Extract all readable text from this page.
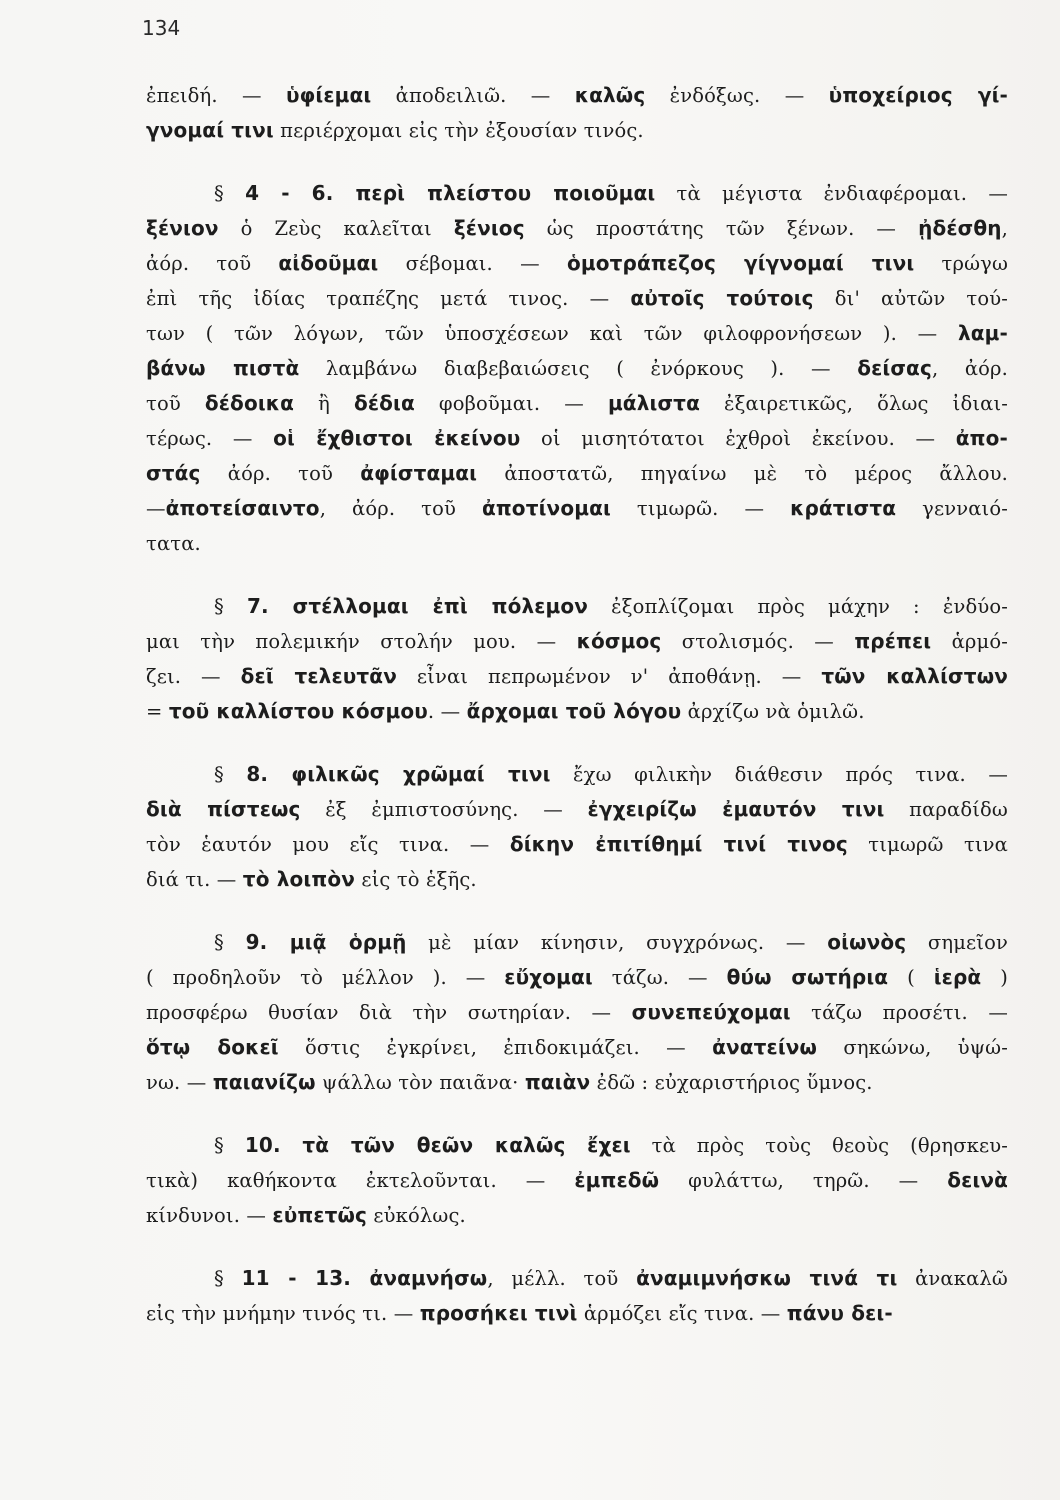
134
ἐπειδή. — ὑφίεμαι ἀποδειλιῶ. — καλῶς ἐνδόξως. — ὑποχείριος γί-
γνομαί τινι περιέρχομαι εἰς τὴν ἐξουσίαν τινός.
§ 4 - 6. περὶ πλείστου ποιοῦμαι τὰ μέγιστα ἐνδιαφέρομαι. —
ξένιον ὁ Ζεὺς καλεῖται ξένιος ὡς προστάτης τῶν ξένων. — ᾐδέσθη,
ἀόρ. τοῦ αἰδοῦμαι σέβομαι. — ὁμοτράπεζος γίγνομαί τινι τρώγω
ἐπὶ τῆς ἰδίας τραπέζης μετά τινος. — αὐτοῖς τούτοις δι' αὐτῶν τού-
των ( τῶν λόγων, τῶν ὑποσχέσεων καὶ τῶν φιλοφρονήσεων ). — λαμ-
βάνω πιστὰ λαμβάνω διαβεβαιώσεις ( ἐνόρκους ). — δείσας, ἀόρ.
τοῦ δέδοικα ἢ δέδια φοβοῦμαι. — μάλιστα ἐξαιρετικῶς, ὅλως ἰδιαι-
τέρως. — οἱ ἔχθιστοι ἐκείνου οἱ μισητότατοι ἐχθροὶ ἐκείνου. — ἀπο-
στάς ἀόρ. τοῦ ἀφίσταμαι ἀποστατῶ, πηγαίνω μὲ τὸ μέρος ἄλλου.
—ἀποτείσαιντο, ἀόρ. τοῦ ἀποτίνομαι τιμωρῶ. — κράτιστα γενναιό-
τατα.
§ 7. στέλλομαι ἐπὶ πόλεμον ἐξοπλίζομαι πρὸς μάχην : ἐνδύο-
μαι τὴν πολεμικήν στολήν μου. — κόσμος στολισμός. — πρέπει ἁρμό-
ζει. — δεῖ τελευτᾶν εἶναι πεπρωμένον ν' ἀποθάνῃ. — τῶν καλλίστων
= τοῦ καλλίστου κόσμου. — ἄρχομαι τοῦ λόγου ἀρχίζω νὰ ὁμιλῶ.
§ 8. φιλικῶς χρῶμαί τινι ἔχω φιλικὴν διάθεσιν πρός τινα. —
διὰ πίστεως ἐξ ἐμπιστοσύνης. — ἐγχειρίζω ἐμαυτόν τινι παραδίδω
τὸν ἑαυτόν μου εἴς τινα. — δίκην ἐπιτίθημί τινί τινος τιμωρῶ τινα
διά τι. — τὸ λοιπὸν εἰς τὸ ἑξῆς.
§ 9. μιᾷ ὁρμῇ μὲ μίαν κίνησιν, συγχρόνως. — οἰωνὸς σημεῖον
( προδηλοῦν τὸ μέλλον ). — εὔχομαι τάζω. — θύω σωτήρια ( ἱερὰ )
προσφέρω θυσίαν διὰ τὴν σωτηρίαν. — συνεπεύχομαι τάζω προσέτι. —
ὅτῳ δοκεῖ ὅστις ἐγκρίνει, ἐπιδοκιμάζει. — ἀνατείνω σηκώνω, ὑψώ-
νω. — παιανίζω ψάλλω τὸν παιᾶνα· παιὰν ἐδῶ : εὐχαριστήριος ὕμνος.
§ 10. τὰ τῶν θεῶν καλῶς ἔχει τὰ πρὸς τοὺς θεοὺς (θρησκευ-
τικὰ) καθήκοντα ἐκτελοῦνται. — ἐμπεδῶ φυλάττω, τηρῶ. — δεινὰ
κίνδυνοι. — εὐπετῶς εὐκόλως.
§ 11 - 13. ἀναμνήσω, μέλλ. τοῦ ἀναμιμνήσκω τινά τι ἀνακαλῶ
εἰς τὴν μνήμην τινός τι. — προσήκει τινὶ ἁρμόζει εἴς τινα. — πάνυ δει-
